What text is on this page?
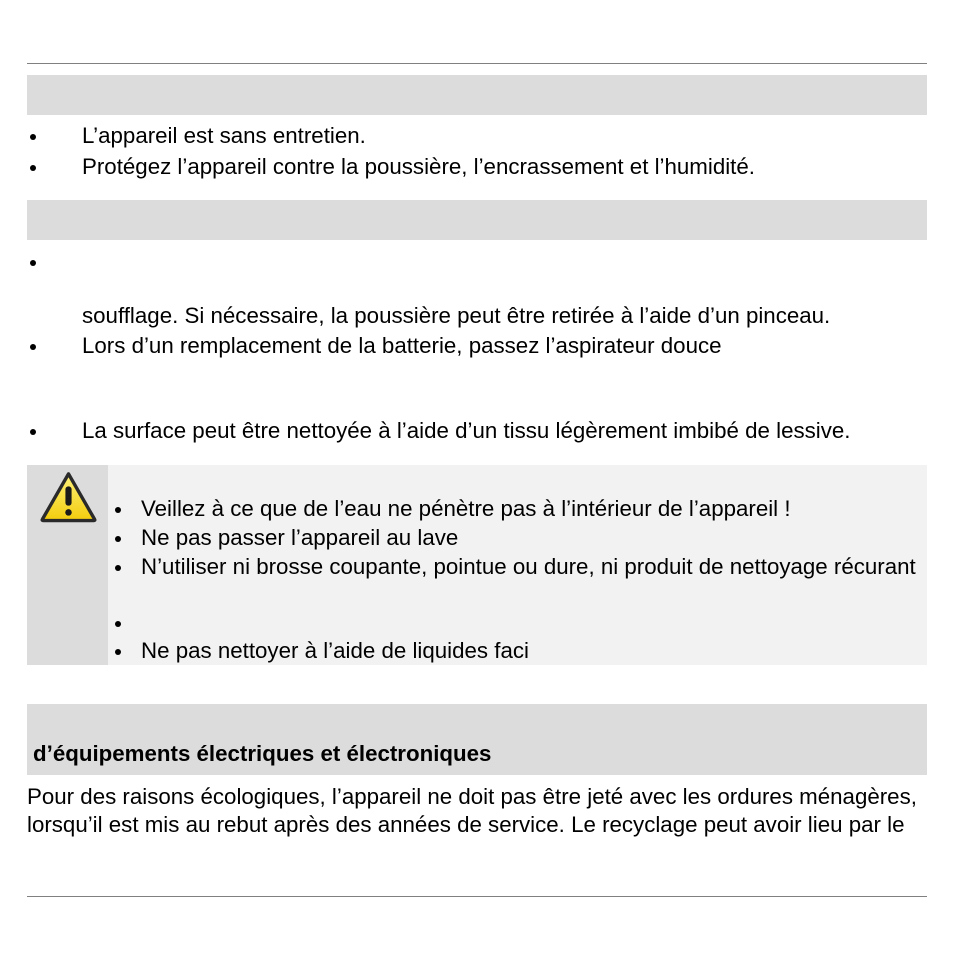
L’appareil est sans entretien.
Protégez l’appareil contre la poussière, l’encrassement et l’humidité.
soufflage. Si nécessaire, la poussière peut être retirée à l’aide d’un pinceau.
Lors d’un remplacement de la batterie, passez l’aspirateur douce
La surface peut être nettoyée à l’aide d’un tissu légèrement imbibé de lessive.
Veillez à ce que de l’eau ne pénètre pas à l’intérieur de l’appareil !
Ne pas passer l’appareil au lave
N’utiliser ni brosse coupante, pointue ou dure, ni produit de nettoyage récurant
Ne pas nettoyer à l’aide de liquides faci
d’équipements électriques et électroniques
Pour des raisons écologiques, l’appareil ne doit pas être jeté avec les ordures ménagères,
lorsqu’il est mis au rebut après des années de service. Le recyclage peut avoir lieu par le
